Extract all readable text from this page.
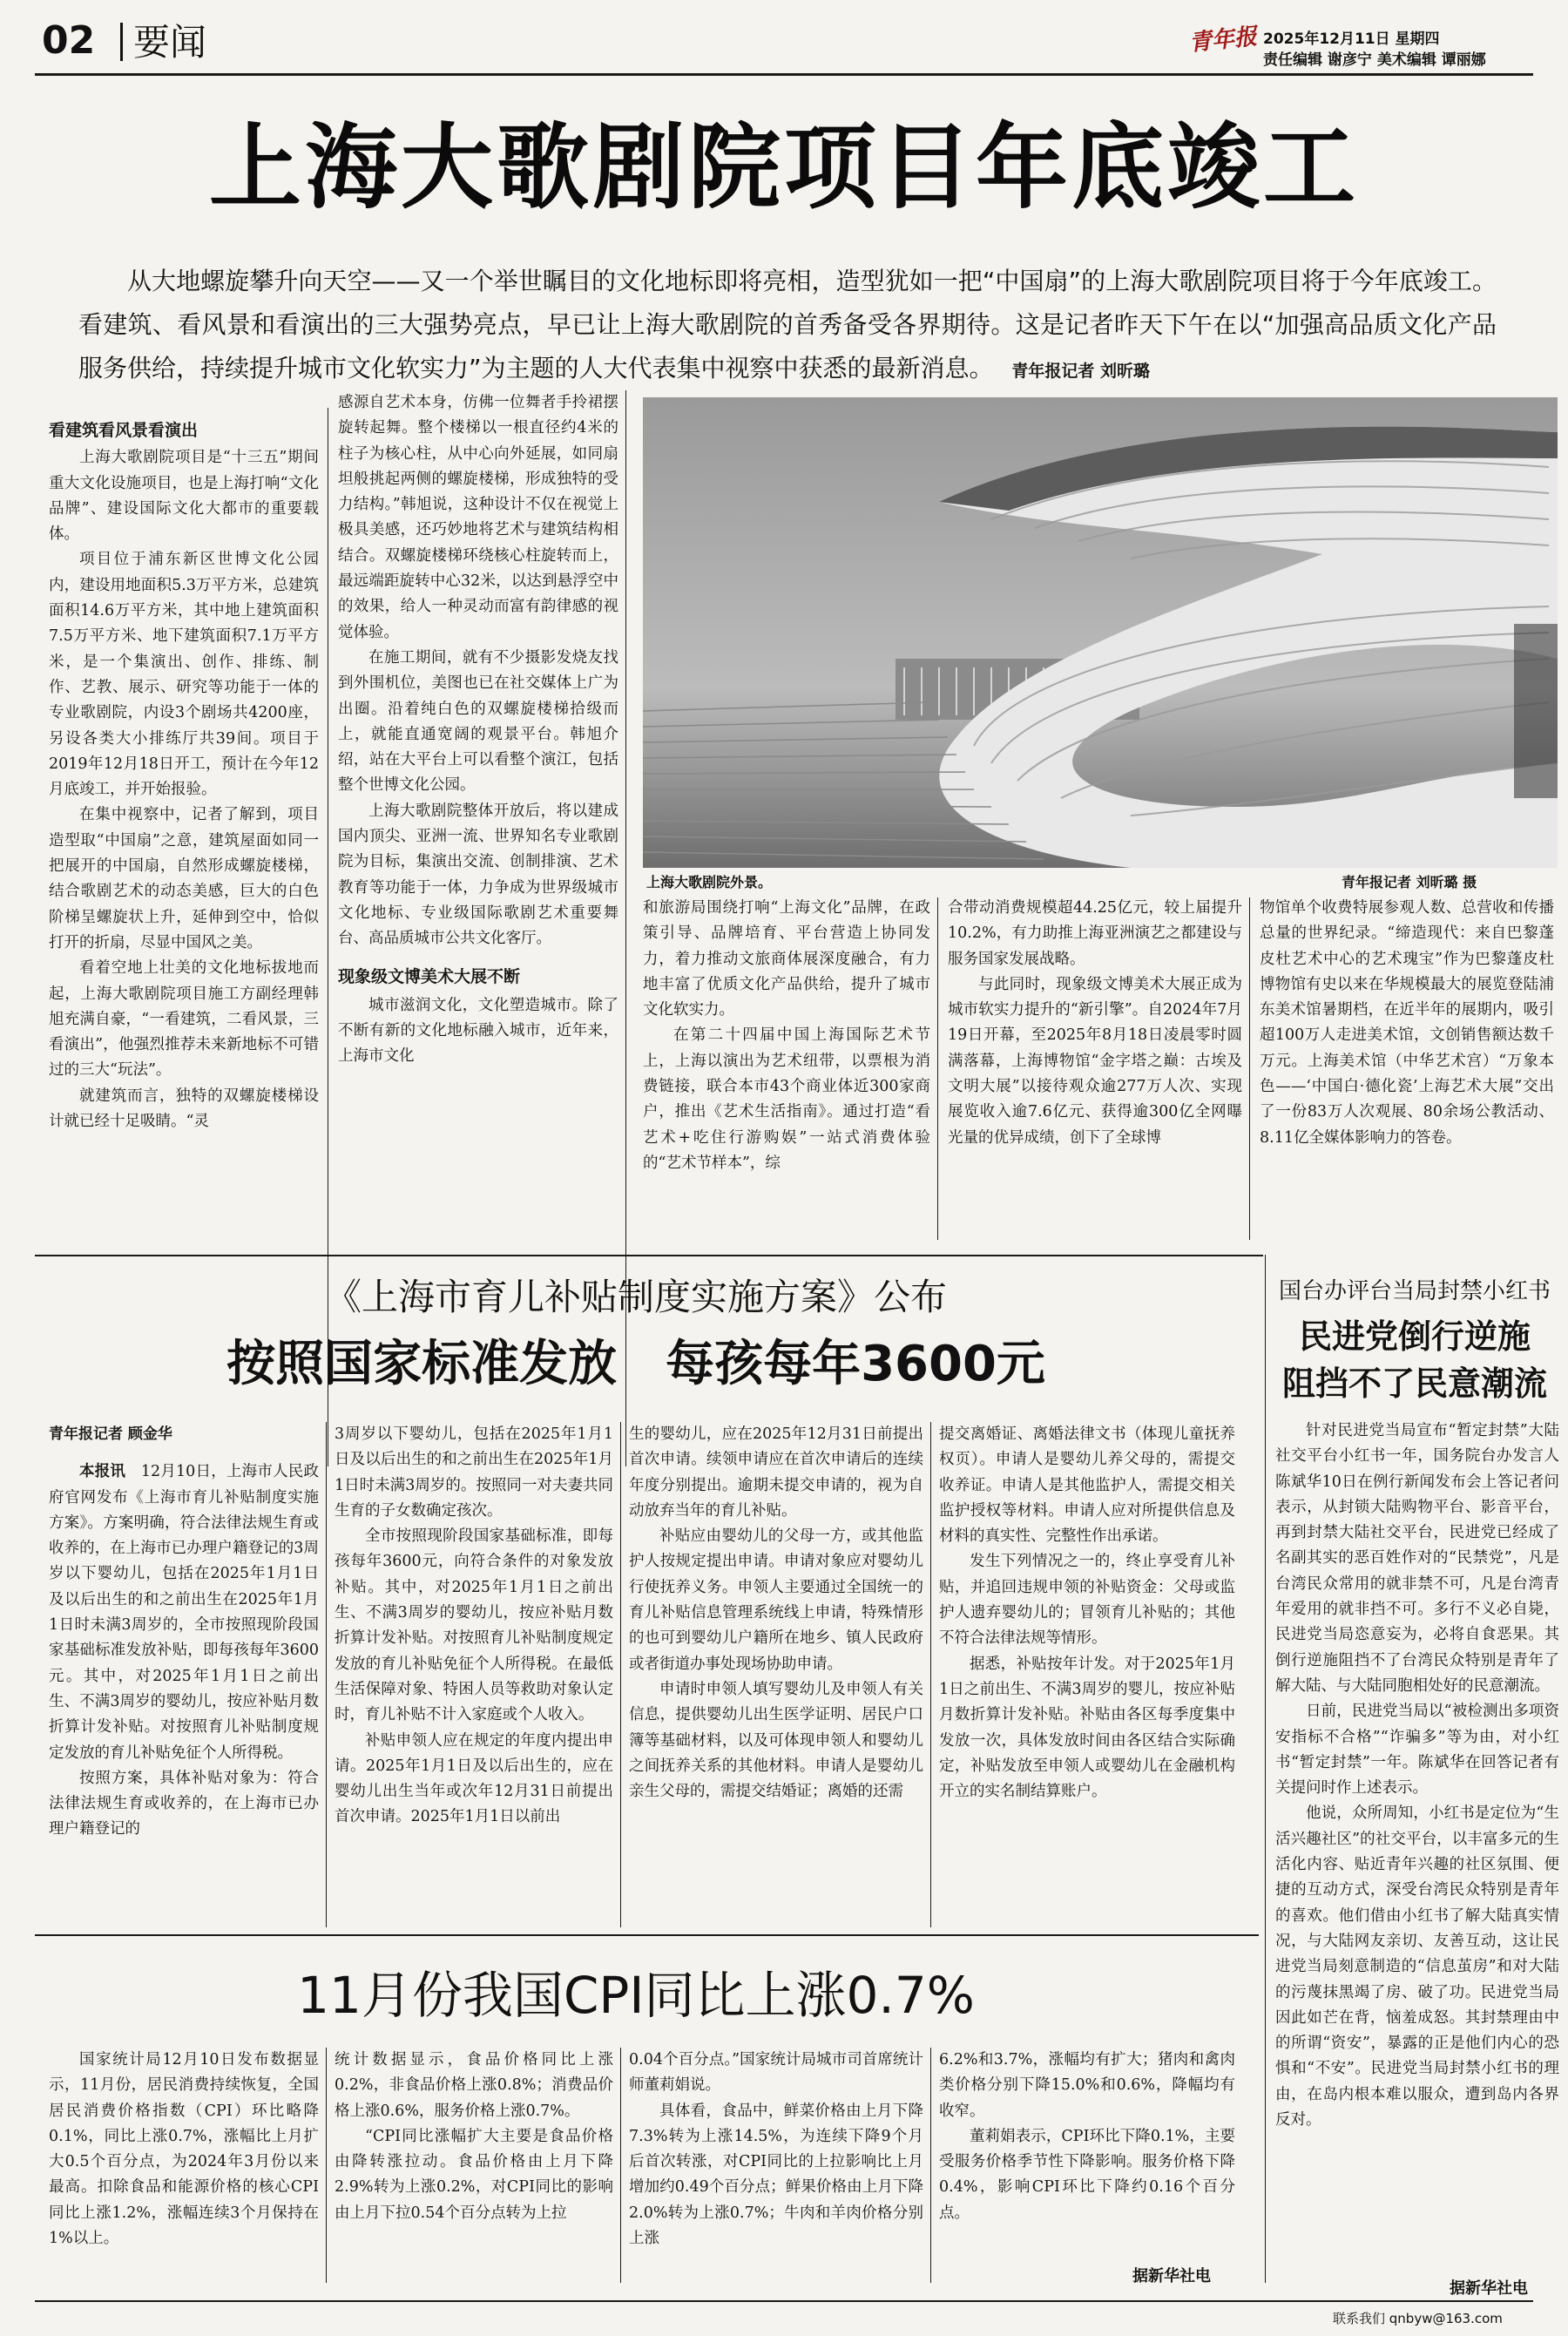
02 要闻	青年报 2025年12月11日 星期四
责任编辑 谢彦宁 美术编辑 谭丽娜
上海大歌剧院项目年底竣工
从大地螺旋攀升向天空——又一个举世瞩目的文化地标即将亮相，造型犹如一把“中国扇”的上海大歌剧院项目将于今年底竣工。看建筑、看风景和看演出的三大强势亮点，早已让上海大歌剧院的首秀备受各界期待。这是记者昨天下午在以“加强高品质文化产品服务供给，持续提升城市文化软实力”为主题的人大代表集中视察中获悉的最新消息。 青年报记者 刘昕璐
看建筑看风景看演出

上海大歌剧院项目是“十三五”期间重大文化设施项目，也是上海打响“文化品牌”、建设国际文化大都市的重要载体。

项目位于浦东新区世博文化公园内，建设用地面积5.3万平方米，总建筑面积14.6万平方米，其中地上建筑面积7.5万平方米、地下建筑面积7.1万平方米，是一个集演出、创作、排练、制作、艺教、展示、研究等功能于一体的专业歌剧院，内设3个剧场共4200座，另设各类大小排练厅共39间。项目于2019年12月18日开工，预计在今年12月底竣工，并开始报验。

在集中视察中，记者了解到，项目造型取“中国扇”之意，建筑屋面如同一把展开的中国扇，自然形成螺旋楼梯，结合歌剧艺术的动态美感，巨大的白色阶梯呈螺旋状上升，延伸到空中，恰似打开的折扇，尽显中国风之美。

看着空地上壮美的文化地标拔地而起，上海大歌剧院项目施工方副经理韩旭充满自豪，“一看建筑，二看风景，三看演出”，他强烈推荐未来新地标不可错过的三大“玩法”。

就建筑而言，独特的双螺旋楼梯设计就已经十足吸睛。“灵

感源自艺术本身，仿佛一位舞者手拎裙摆旋转起舞。整个楼梯以一根直径约4米的柱子为核心柱，从中心向外延展，如同扇坦般挑起两侧的螺旋楼梯，形成独特的受力结构。”韩旭说，这种设计不仅在视觉上极具美感，还巧妙地将艺术与建筑结构相结合。双螺旋楼梯环绕核心柱旋转而上，最远端距旋转中心32米，以达到悬浮空中的效果，给人一种灵动而富有韵律感的视觉体验。

在施工期间，就有不少摄影发烧友找到外围机位，美图也已在社交媒体上广为出圈。沿着纯白色的双螺旋楼梯拾级而上，就能直通宽阔的观景平台。韩旭介绍，站在大平台上可以看整个演江，包括整个世博文化公园。

上海大歌剧院整体开放后，将以建成国内顶尖、亚洲一流、世界知名专业歌剧院为目标，集演出交流、创制排演、艺术教育等功能于一体，力争成为世界级城市文化地标、专业级国际歌剧艺术重要舞台、高品质城市公共文化客厅。

现象级文博美术大展不断

城市滋润文化，文化塑造城市。除了不断有新的文化地标融入城市，近年来，上海市文化

上海大歌剧院外景。	青年报记者 刘昕璐 摄

和旅游局围绕打响“上海文化”品牌，在政策引导、品牌培育、平台营造上协同发力，着力推动文旅商体展深度融合，有力地丰富了优质文化产品供给，提升了城市文化软实力。

在第二十四届中国上海国际艺术节上，上海以演出为艺术纽带，以票根为消费链接，联合本市43个商业体近300家商户，推出《艺术生活指南》。通过打造“看艺术+吃住行游购娱”一站式消费体验的“艺术节样本”，综

合带动消费规模超44.25亿元，较上届提升10.2%，有力助推上海亚洲演艺之都建设与服务国家发展战略。

与此同时，现象级文博美术大展正成为城市软实力提升的“新引擎”。自2024年7月19日开幕，至2025年8月18日凌晨零时圆满落幕，上海博物馆“金字塔之巅：古埃及文明大展”以接待观众逾277万人次、实现展览收入逾7.6亿元、获得逾300亿全网曝光量的优异成绩，创下了全球博

物馆单个收费特展参观人数、总营收和传播总量的世界纪录。“缔造现代：来自巴黎蓬皮杜艺术中心的艺术瑰宝”作为巴黎蓬皮杜博物馆有史以来在华规模最大的展览登陆浦东美术馆暑期档，在近半年的展期内，吸引超100万人走进美术馆，文创销售额达数千万元。上海美术馆（中华艺术宫）“万象本色——‘中国白·德化瓷’上海艺术大展”交出了一份83万人次观展、80余场公教活动、8.11亿全媒体影响力的答卷。

《上海市育儿补贴制度实施方案》公布
按照国家标准发放　每孩每年3600元
青年报记者 顾金华

本报讯　 12月10日，上海市人民政府官网发布《上海市育儿补贴制度实施方案》。方案明确，符合法律法规生育或收养的，在上海市已办理户籍登记的3周岁以下婴幼儿，包括在2025年1月1日及以后出生的和之前出生在2025年1月1日时未满3周岁的，全市按照现阶段国家基础标准发放补贴，即每孩每年3600元。其中，对2025年1月1日之前出生、不满3周岁的婴幼儿，按应补贴月数折算计发补贴。对按照育儿补贴制度规定发放的育儿补贴免征个人所得税。

按照方案，具体补贴对象为：符合法律法规生育或收养的，在上海市已办理户籍登记的

3周岁以下婴幼儿，包括在2025年1月1日及以后出生的和之前出生在2025年1月1日时未满3周岁的。按照同一对夫妻共同生育的子女数确定孩次。

全市按照现阶段国家基础标准，即每孩每年3600元，向符合条件的对象发放补贴。其中，对2025年1月1日之前出生、不满3周岁的婴幼儿，按应补贴月数折算计发补贴。对按照育儿补贴制度规定发放的育儿补贴免征个人所得税。在最低生活保障对象、特困人员等救助对象认定时，育儿补贴不计入家庭或个人收入。

补贴申领人应在规定的年度内提出申请。2025年1月1日及以后出生的，应在婴幼儿出生当年或次年12月31日前提出首次申请。2025年1月1日以前出

生的婴幼儿，应在2025年12月31日前提出首次申请。续领申请应在首次申请后的连续年度分别提出。逾期未提交申请的，视为自动放弃当年的育儿补贴。

补贴应由婴幼儿的父母一方，或其他监护人按规定提出申请。申请对象应对婴幼儿行使抚养义务。申领人主要通过全国统一的育儿补贴信息管理系统线上申请，特殊情形的也可到婴幼儿户籍所在地乡、镇人民政府或者街道办事处现场协助申请。

申请时申领人填写婴幼儿及申领人有关信息，提供婴幼儿出生医学证明、居民户口簿等基础材料，以及可体现申领人和婴幼儿之间抚养关系的其他材料。申请人是婴幼儿亲生父母的，需提交结婚证；离婚的还需

提交离婚证、离婚法律文书（体现儿童抚养权页）。申请人是婴幼儿养父母的，需提交收养证。申请人是其他监护人，需提交相关监护授权等材料。申请人应对所提供信息及材料的真实性、完整性作出承诺。

发生下列情况之一的，终止享受育儿补贴，并追回违规申领的补贴资金：父母或监护人遗弃婴幼儿的；冒领育儿补贴的；其他不符合法律法规等情形。

据悉，补贴按年计发。对于2025年1月1日之前出生、不满3周岁的婴儿，按应补贴月数折算计发补贴。补贴由各区每季度集中发放一次，具体发放时间由各区结合实际确定，补贴发放至申领人或婴幼儿在金融机构开立的实名制结算账户。

国台办评台当局封禁小红书
民进党倒行逆施
阻挡不了民意潮流

针对民进党当局宣布“暂定封禁”大陆社交平台小红书一年，国务院台办发言人陈斌华10日在例行新闻发布会上答记者问表示，从封锁大陆购物平台、影音平台，再到封禁大陆社交平台，民进党已经成了名副其实的恶百姓作对的“民禁党”，凡是台湾民众常用的就非禁不可，凡是台湾青年爱用的就非挡不可。多行不义必自毙，民进党当局恣意妄为，必将自食恶果。其倒行逆施阻挡不了台湾民众特别是青年了解大陆、与大陆同胞相处好的民意潮流。

日前，民进党当局以“被检测出多项资安指标不合格”“诈骗多”等为由，对小红书“暂定封禁”一年。陈斌华在回答记者有关提问时作上述表示。

他说，众所周知，小红书是定位为“生活兴趣社区”的社交平台，以丰富多元的生活化内容、贴近青年兴趣的社区氛围、便捷的互动方式，深受台湾民众特别是青年的喜欢。他们借由小红书了解大陆真实情况，与大陆网友亲切、友善互动，这让民进党当局刻意制造的“信息茧房”和对大陆的污蔑抹黑竭了房、破了功。民进党当局因此如芒在背，恼羞成怒。其封禁理由中的所谓“资安”，暴露的正是他们内心的恐惧和“不安”。民进党当局封禁小红书的理由，在岛内根本难以服众，遭到岛内各界反对。

据新华社电
11月份我国CPI同比上涨0.7%

国家统计局12月10日发布数据显示，11月份，居民消费持续恢复，全国居民消费价格指数（CPI）环比略降0.1%，同比上涨0.7%，涨幅比上月扩大0.5个百分点，为2024年3月份以来最高。扣除食品和能源价格的核心CPI同比上涨1.2%，涨幅连续3个月保持在1%以上。

统计数据显示，食品价格同比上涨0.2%，非食品价格上涨0.8%；消费品价格上涨0.6%，服务价格上涨0.7%。

“CPI同比涨幅扩大主要是食品价格由降转涨拉动。食品价格由上月下降2.9%转为上涨0.2%，对CPI同比的影响由上月下拉0.54个百分点转为上拉

0.04个百分点。”国家统计局城市司首席统计师董莉娟说。

具体看，食品中，鲜菜价格由上月下降7.3%转为上涨14.5%，为连续下降9个月后首次转涨，对CPI同比的上拉影响比上月增加约0.49个百分点；鲜果价格由上月下降2.0%转为上涨0.7%；牛肉和羊肉价格分别上涨

6.2%和3.7%，涨幅均有扩大；猪肉和禽肉类价格分别下降15.0%和0.6%，降幅均有收窄。

董莉娟表示，CPI环比下降0.1%，主要受服务价格季节性下降影响。服务价格下降0.4%，影响CPI环比下降约0.16个百分点。

据新华社电
联系我们 qnbyw@163.com
